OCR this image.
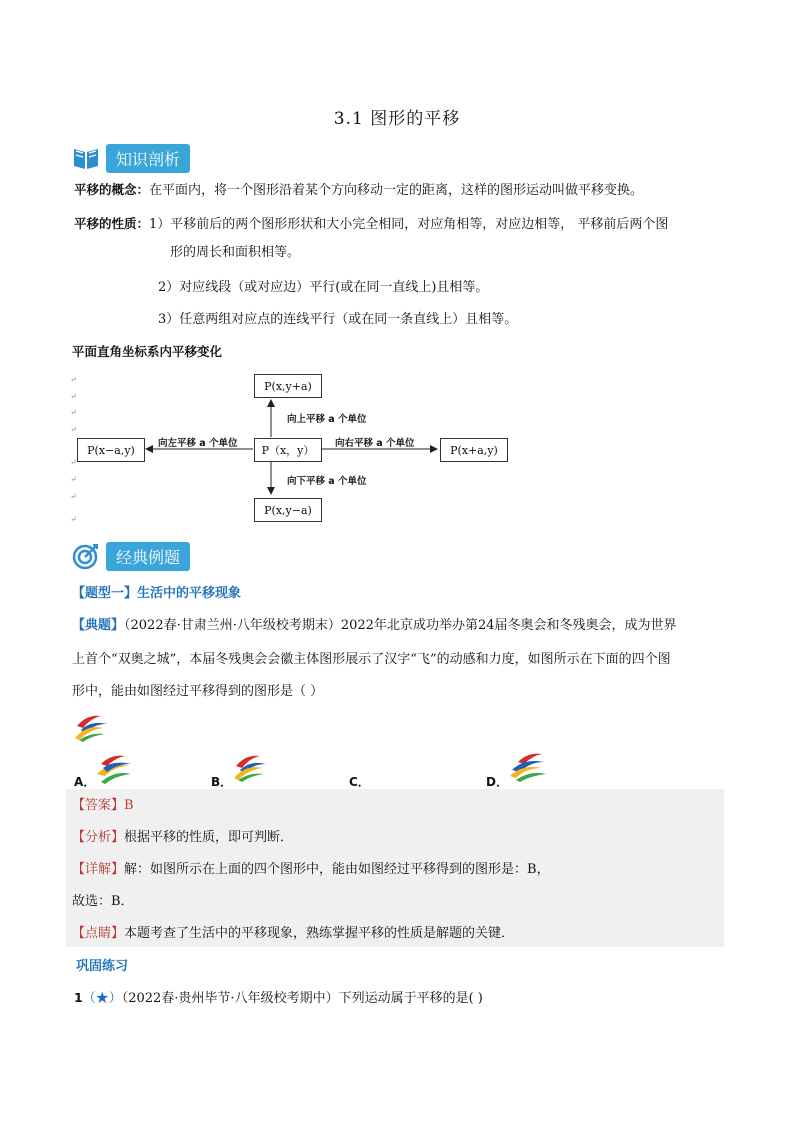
3.1 图形的平移
知识剖析
平移的概念：在平面内，将一个图形沿着某个方向移动一定的距离，这样的图形运动叫做平移变换。
平移的性质：1）平移前后的两个图形形状和大小完全相同，对应角相等，对应边相等， 平移前后两个图
形的周长和面积相等。
2）对应线段（或对应边）平行(或在同一直线上)且相等。
3）任意两组对应点的连线平行（或在同一条直线上）且相等。
平面直角坐标系内平移变化
↵
↵
↵
↵
↵
↵
↵
↵
P(x,y+a)
P（x，y）
P(x,y−a)
P(x−a,y)	P(x+a,y)
向上平移 a 个单位
向下平移 a 个单位
向左平移 a 个单位	向右平移 a 个单位
经典例题
【题型一】生活中的平移现象
【典题】（2022春·甘肃兰州·八年级校考期末）2022年北京成功举办第24届冬奥会和冬残奥会，成为世界
上首个“双奥之城”，本届冬残奥会会徽主体图形展示了汉字“飞”的动感和力度，如图所示在下面的四个图
形中，能由如图经过平移得到的图形是（ ）
A．	B．	C．	D．
【答案】B
【分析】根据平移的性质，即可判断．
【详解】解：如图所示在上面的四个图形中，能由如图经过平移得到的图形是：B，
故选：B．
【点睛】本题考查了生活中的平移现象，熟练掌握平移的性质是解题的关键．
巩固练习
1（★）（2022春·贵州毕节·八年级校考期中）下列运动属于平移的是( )
